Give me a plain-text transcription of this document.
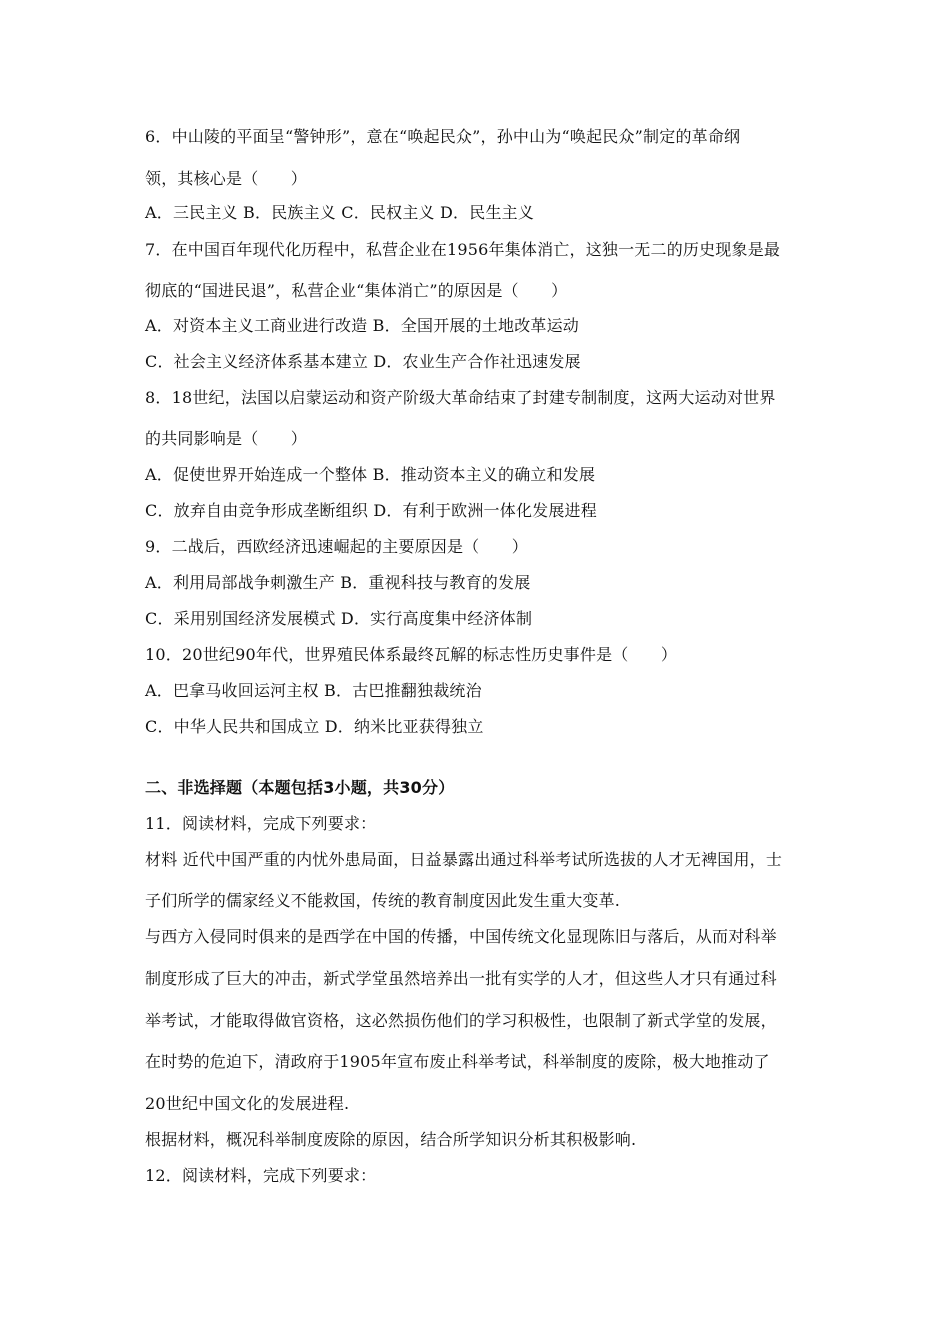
6．中山陵的平面呈“警钟形”，意在“唤起民众”，孙中山为“唤起民众”制定的革命纲
领，其核心是（　　）
A．三民主义 B．民族主义 C．民权主义 D．民生主义
7．在中国百年现代化历程中，私营企业在1956年集体消亡，这独一无二的历史现象是最
彻底的“国进民退”，私营企业“集体消亡”的原因是（　　）
A．对资本主义工商业进行改造 B．全国开展的土地改革运动
C．社会主义经济体系基本建立 D．农业生产合作社迅速发展
8．18世纪，法国以启蒙运动和资产阶级大革命结束了封建专制制度，这两大运动对世界
的共同影响是（　　）
A．促使世界开始连成一个整体 B．推动资本主义的确立和发展
C．放弃自由竞争形成垄断组织 D．有利于欧洲一体化发展进程
9．二战后，西欧经济迅速崛起的主要原因是（　　）
A．利用局部战争刺激生产 B．重视科技与教育的发展
C．采用别国经济发展模式 D．实行高度集中经济体制
10．20世纪90年代，世界殖民体系最终瓦解的标志性历史事件是（　　）
A．巴拿马收回运河主权 B．古巴推翻独裁统治
C．中华人民共和国成立 D．纳米比亚获得独立
二、非选择题（本题包括3小题，共30分）
11．阅读材料，完成下列要求：
材料 近代中国严重的内忧外患局面，日益暴露出通过科举考试所选拔的人才无裨国用，士
子们所学的儒家经义不能救国，传统的教育制度因此发生重大变革.
与西方入侵同时俱来的是西学在中国的传播，中国传统文化显现陈旧与落后，从而对科举
制度形成了巨大的冲击，新式学堂虽然培养出一批有实学的人才，但这些人才只有通过科
举考试，才能取得做官资格，这必然损伤他们的学习积极性，也限制了新式学堂的发展，
在时势的危迫下，清政府于1905年宣布废止科举考试，科举制度的废除，极大地推动了
20世纪中国文化的发展进程.
根据材料，概况科举制度废除的原因，结合所学知识分析其积极影响.
12．阅读材料，完成下列要求：
